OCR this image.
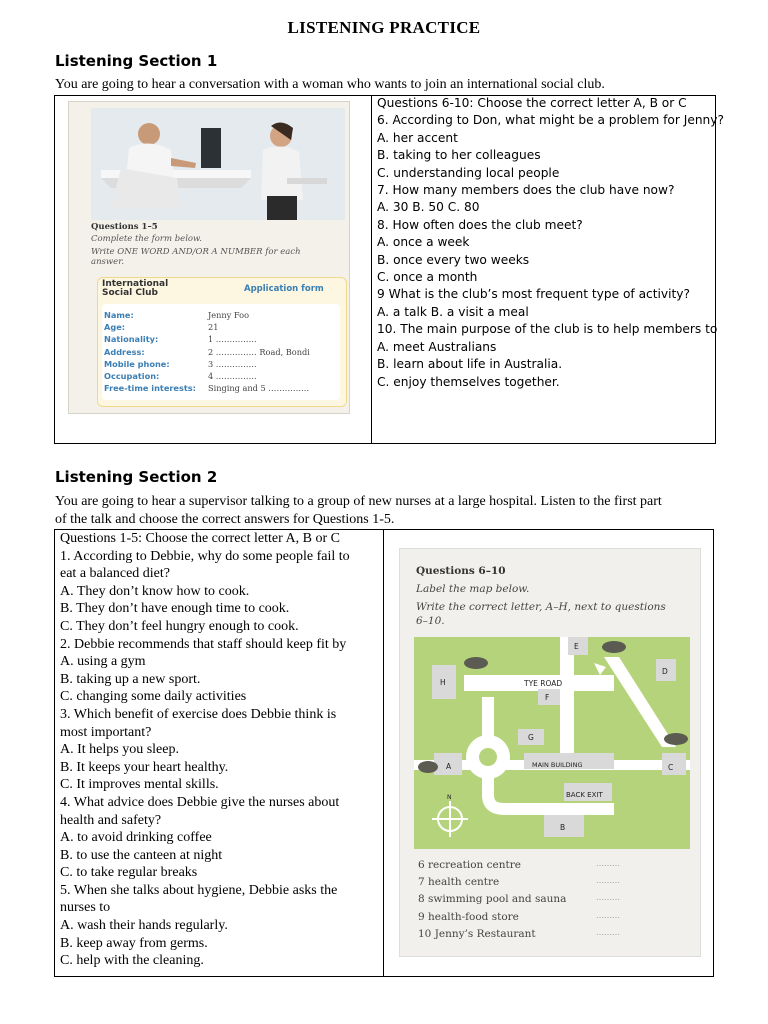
LISTENING PRACTICE

Listening Section 1

You are going to hear a conversation with a woman who wants to join an international social club.

Questions 1–5
Complete the form below.
Write ONE WORD AND/OR A NUMBER for each
answer.
International
Social Club	Application form
Name:	Jenny Foo
Age:	21
Nationality:	1 ……………
Address:	2 …………… Road, Bondi
Mobile phone:	3 ……………
Occupation:	4 ……………
Free-time interests: Singing and 5 ……………
Questions 6-10: Choose the correct letter A, B or C
6. According to Don, what might be a problem for Jenny?
A. her accent
B. taking to her colleagues
C. understanding local people
7. How many members does the club have now?
A. 30 B. 50 C. 80
8. How often does the club meet?
A. once a week
B. once every two weeks
C. once a month
9 What is the club’s most frequent type of activity?
A. a talk B. a visit a meal
10. The main purpose of the club is to help members to
A. meet Australians
B. learn about life in Australia.
C. enjoy themselves together.

Listening Section 2

You are going to hear a supervisor talking to a group of new nurses at a large hospital. Listen to the first part

of the talk and choose the correct answers for Questions 1-5.

Questions 1-5: Choose the correct letter A, B or C
1. According to Debbie, why do some people fail to
eat a balanced diet?
A. They don’t know how to cook.
B. They don’t have enough time to cook.
C. They don’t feel hungry enough to cook.
2. Debbie recommends that staff should keep fit by
A. using a gym
B. taking up a new sport.
C. changing some daily activities
3. Which benefit of exercise does Debbie think is
most important?
A. It helps you sleep.
B. It keeps your heart healthy.
C. It improves mental skills.
4. What advice does Debbie give the nurses about
health and safety?
A. to avoid drinking coffee
B. to use the canteen at night
C. to take regular breaks
5. When she talks about hygiene, Debbie asks the
nurses to
A. wash their hands regularly.
B. keep away from germs.
C. help with the cleaning.
Questions 6–10
Label the map below.
Write the correct letter, A–H, next to questions
6–10.
N
TYE ROAD
MAIN BUILDING
BACK EXIT
A
B
C
D
E
F
G
H
6 recreation centre	………
7 health centre	………
8 swimming pool and sauna	………
9 health-food store	………
10 Jenny’s Restaurant	………
